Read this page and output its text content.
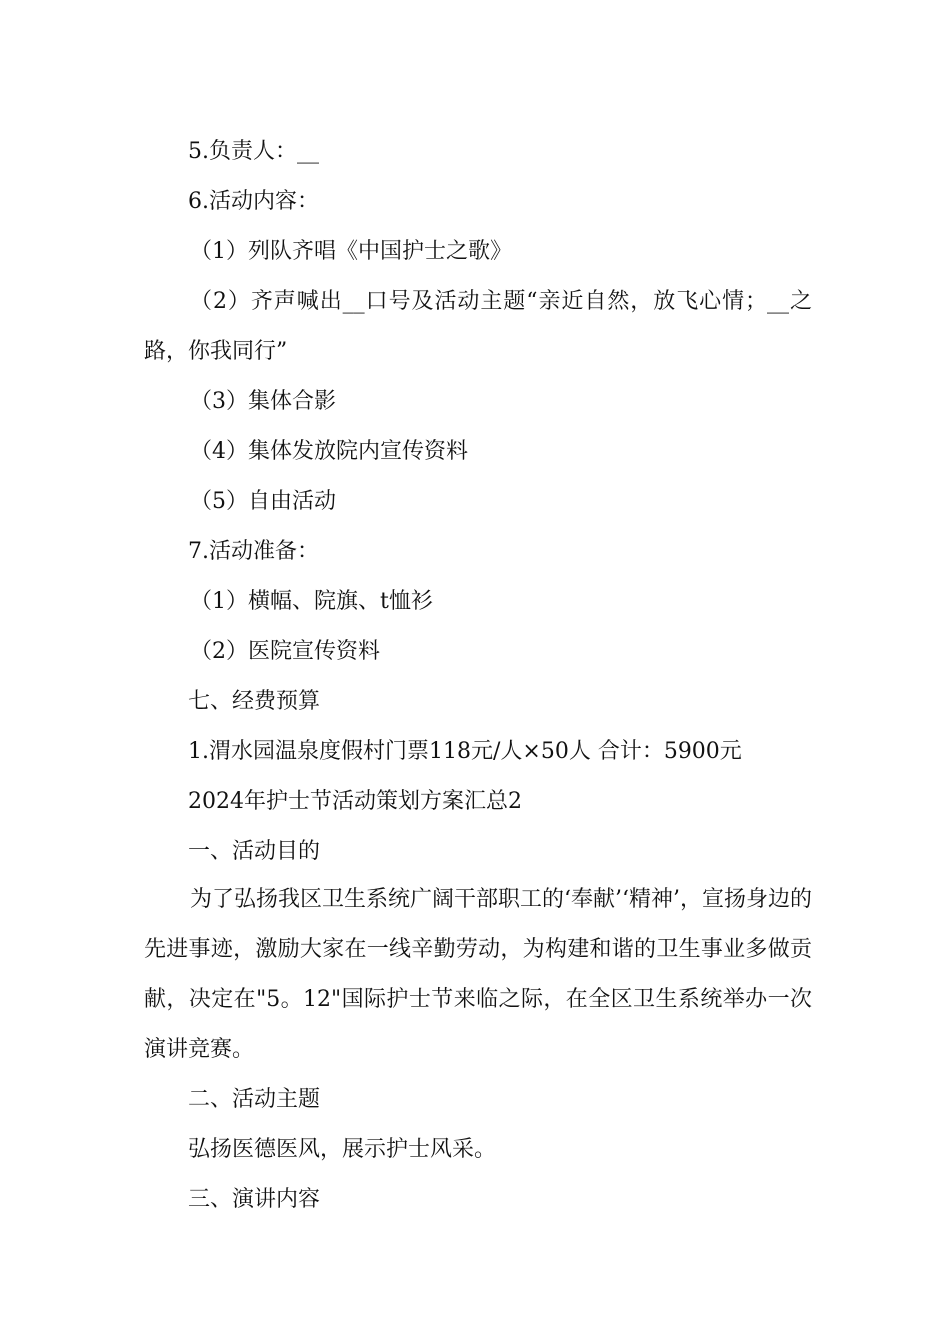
5.负责人：__
6.活动内容：
（1）列队齐唱《中国护士之歌》
（2）齐声喊出__口号及活动主题“亲近自然，放飞心情；__之路，你我同行”
（3）集体合影
（4）集体发放院内宣传资料
（5）自由活动
7.活动准备：
（1）横幅、院旗、t恤衫
（2）医院宣传资料
七、经费预算
1.渭水园温泉度假村门票118元/人×50人 合计：5900元
2024年护士节活动策划方案汇总2
一、活动目的
为了弘扬我区卫生系统广阔干部职工的‘奉献’‘精神’，宣扬身边的先进事迹，激励大家在一线辛勤劳动，为构建和谐的卫生事业多做贡献，决定在"5。12"国际护士节来临之际，在全区卫生系统举办一次演讲竞赛。
二、活动主题
弘扬医德医风，展示护士风采。
三、演讲内容
